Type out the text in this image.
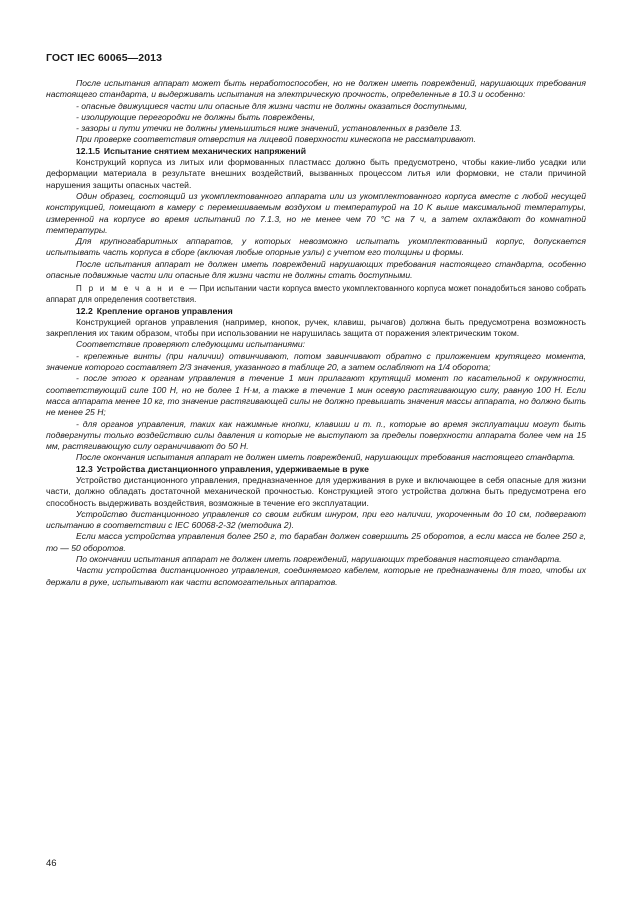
ГОСТ IEC 60065—2013

После испытания аппарат может быть неработоспособен, но не должен иметь повреждений, нарушающих требования настоящего стандарта, и выдерживать испытания на электрическую прочность, определенные в 10.3 и особенно:

- опасные движущиеся части или опасные для жизни части не должны оказаться доступными,

- изолирующие перегородки не должны быть повреждены,

- зазоры и пути утечки не должны уменьшиться ниже значений, установленных в разделе 13.

При проверке соответствия отверстия на лицевой поверхности кинескопа не рассматривают.

12.1.5 Испытание снятием механических напряжений

Конструкций корпуса из литых или формованных пластмасс должно быть предусмотрено, чтобы какие-либо усадки или деформации материала в результате внешних воздействий, вызванных процессом литья или формовки, не стали причиной нарушения защиты опасных частей.

Один образец, состоящий из укомплектованного аппарата или из укомплектованного корпуса вместе с любой несущей конструкцией, помещают в камеру с перемешиваемым воздухом и температурой на 10 K выше максимальной температуры, измеренной на корпусе во время испытаний по 7.1.3, но не менее чем 70 °С на 7 ч, а затем охлаждают до комнатной температуры.

Для крупногабаритных аппаратов, у которых невозможно испытать укомплектованный корпус, допускается испытывать часть корпуса в сборе (включая любые опорные узлы) с учетом его толщины и формы.

После испытания аппарат не должен иметь повреждений нарушающих требования настоящего стандарта, особенно опасные подвижные части или опасные для жизни части не должны стать доступными.

П р и м е ч а н и е — При испытании части корпуса вместо укомплектованного корпуса может понадобиться заново собрать аппарат для определения соответствия.

12.2 Крепление органов управления

Конструкцией органов управления (например, кнопок, ручек, клавиш, рычагов) должна быть предусмотрена возможность закрепления их таким образом, чтобы при использовании не нарушилась защита от поражения электрическим током.

Соответствие проверяют следующими испытаниями:

- крепежные винты (при наличии) отвинчивают, потом завинчивают обратно с приложением крутящего момента, значение которого составляет 2/3 значения, указанного в таблице 20, а затем ослабляют на 1/4 оборота;

- после этого к органам управления в течение 1 мин прилагают крутящий момент по касательной к окружности, соответствующий силе 100 Н, но не более 1 Н·м, а также в течение 1 мин осевую растягивающую силу, равную 100 Н. Если масса аппарата менее 10 кг, то значение растягивающей силы не должно превышать значения массы аппарата, но должно быть не менее 25 Н;

- для органов управления, таких как нажимные кнопки, клавиши и т. п., которые во время эксплуатации могут быть подвергнуты только воздействию силы давления и которые не выступают за пределы поверхности аппарата более чем на 15 мм, растягивающую силу ограничивают до 50 Н.

После окончания испытания аппарат не должен иметь повреждений, нарушающих требования настоящего стандарта.

12.3 Устройства дистанционного управления, удерживаемые в руке

Устройство дистанционного управления, предназначенное для удерживания в руке и включающее в себя опасные для жизни части, должно обладать достаточной механической прочностью. Конструкцией этого устройства должна быть предусмотрена его способность выдерживать воздействия, возможные в течение его эксплуатации.

Устройство дистанционного управления со своим гибким шнуром, при его наличии, укороченным до 10 см, подвергают испытанию в соответствии с IEC 60068-2-32 (методика 2).

Если масса устройства управления более 250 г, то барабан должен совершить 25 оборотов, а если масса не более 250 г, то — 50 оборотов.

По окончании испытания аппарат не должен иметь повреждений, нарушающих требования настоящего стандарта.

Части устройства дистанционного управления, соединяемого кабелем, которые не предназначены для того, чтобы их держали в руке, испытывают как части вспомогательных аппаратов.

46
